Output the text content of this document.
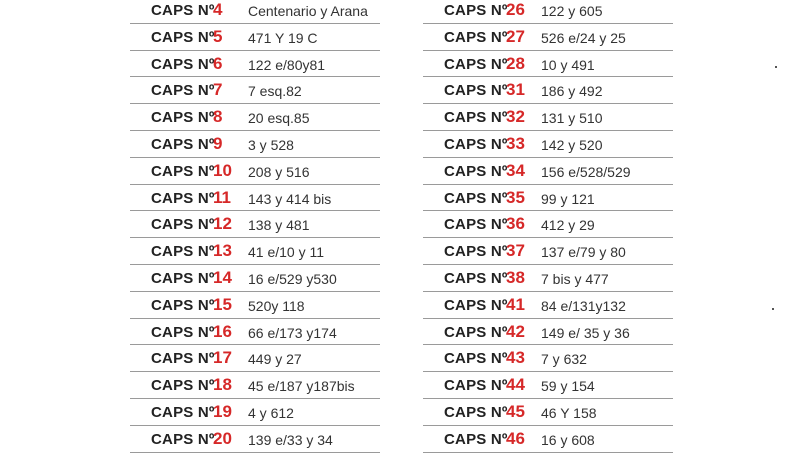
CAPS Nº
4 Centenario y Arana
CAPS Nº
5 471 Y 19 C
CAPS Nº
6 122 e/80y81
CAPS Nº
7 7 esq.82
CAPS Nº
8 20 esq.85
CAPS Nº
9 3 y 528
CAPS Nº
10 208 y 516
CAPS Nº
11 143 y 414 bis
CAPS Nº
12 138 y 481
CAPS Nº
13 41 e/10 y 11
CAPS Nº
14 16 e/529 y530
CAPS Nº
15 520y 118
CAPS Nº
16 66 e/173 y174
CAPS Nº
17 449 y 27
CAPS Nº
18 45 e/187 y187bis
CAPS Nº
19 4 y 612
CAPS Nº
20 139 e/33 y 34
CAPS Nº
26 122 y 605
CAPS Nº
27 526 e/24 y 25
CAPS Nº
28 10 y 491
CAPS Nº
31 186 y 492
CAPS Nº
32 131 y 510
CAPS Nº
33 142 y 520
CAPS Nº
34 156 e/528/529
CAPS Nº
35 99 y 121
CAPS Nº
36 412 y 29
CAPS Nº
37 137 e/79 y 80
CAPS Nº
38 7 bis y 477
CAPS Nº
41 84 e/131y132
CAPS Nº
42 149 e/ 35 y 36
CAPS Nº
43 7 y 632
CAPS Nº
44 59 y 154
CAPS Nº
45 46 Y 158
CAPS Nº
46 16 y 608
